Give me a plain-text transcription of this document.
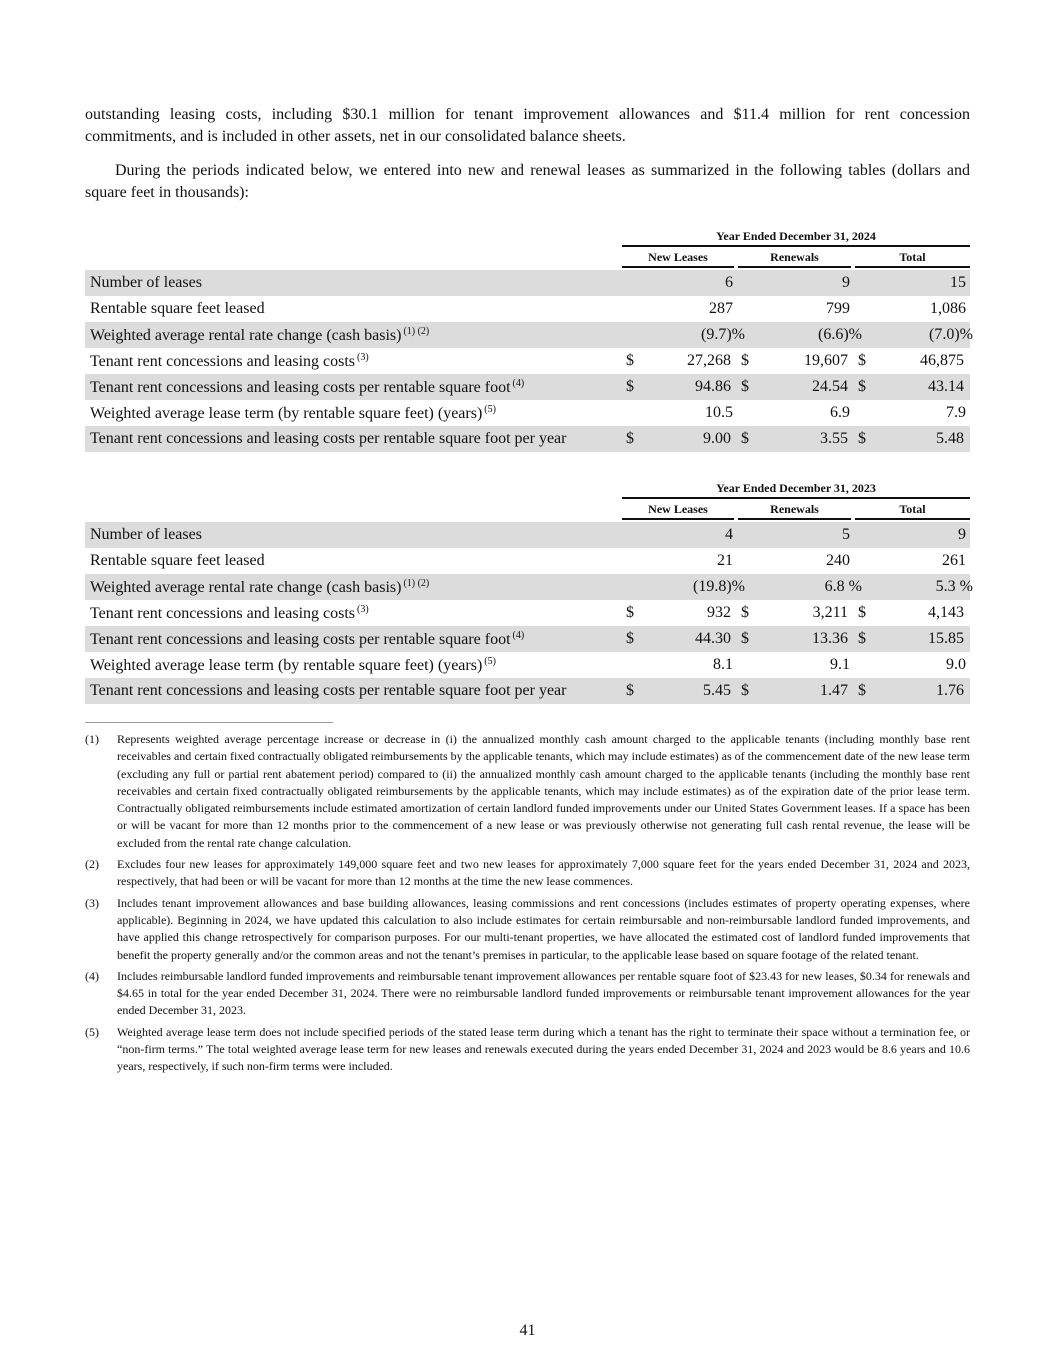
outstanding leasing costs, including $30.1 million for tenant improvement allowances and $11.4 million for rent concession commitments, and is included in other assets, net in our consolidated balance sheets.

During the periods indicated below, we entered into new and renewal leases as summarized in the following tables (dollars and square feet in thousands):

Year Ended December 31, 2024
New Leases	Renewals	Total
Number of leases	6	9	15
Rentable square feet leased	287	799	1,086
Weighted average rental rate change (cash basis) $^{(1) (2)}$	(9.7)%	(6.6)%	(7.0)%
Tenant rent concessions and leasing costs $^{(3)}$	$	27,268 $	19,607 $	46,875
Tenant rent concessions and leasing costs per rentable square foot $^{(4)}$	$	94.86 $	24.54 $	43.14
Weighted average lease term (by rentable square feet) (years) $^{(5)}$	10.5	6.9	7.9
Tenant rent concessions and leasing costs per rentable square foot per year	$	9.00 $	3.55 $	5.48
Year Ended December 31, 2023
New Leases	Renewals	Total
Number of leases	4	5	9
Rentable square feet leased	21	240	261
Weighted average rental rate change (cash basis) $^{(1) (2)}$	(19.8)%	6.8 %	5.3 %
Tenant rent concessions and leasing costs $^{(3)}$	$	932 $	3,211 $	4,143
Tenant rent concessions and leasing costs per rentable square foot $^{(4)}$	$	44.30 $	13.36 $	15.85
Weighted average lease term (by rentable square feet) (years) $^{(5)}$	8.1	9.1	9.0
Tenant rent concessions and leasing costs per rentable square foot per year	$	5.45 $	1.47 $	1.76
(1)	Represents weighted average percentage increase or decrease in (i) the annualized monthly cash amount charged to the applicable tenants (including monthly base rent receivables and certain fixed contractually obligated reimbursements by the applicable tenants, which may include estimates) as of the commencement date of the new lease term (excluding any full or partial rent abatement period) compared to (ii) the annualized monthly cash amount charged to the applicable tenants (including the monthly base rent receivables and certain fixed contractually obligated reimbursements by the applicable tenants, which may include estimates) as of the expiration date of the prior lease term. Contractually obligated reimbursements include estimated amortization of certain landlord funded improvements under our United States Government leases. If a space has been or will be vacant for more than 12 months prior to the commencement of a new lease or was previously otherwise not generating full cash rental revenue, the lease will be excluded from the rental rate change calculation.
(2)	Excludes four new leases for approximately 149,000 square feet and two new leases for approximately 7,000 square feet for the years ended December 31, 2024 and 2023, respectively, that had been or will be vacant for more than 12 months at the time the new lease commences.
(3)	Includes tenant improvement allowances and base building allowances, leasing commissions and rent concessions (includes estimates of property operating expenses, where applicable). Beginning in 2024, we have updated this calculation to also include estimates for certain reimbursable and non-reimbursable landlord funded improvements, and have applied this change retrospectively for comparison purposes. For our multi-tenant properties, we have allocated the estimated cost of landlord funded improvements that benefit the property generally and/or the common areas and not the tenant’s premises in particular, to the applicable lease based on square footage of the related tenant.
(4)	Includes reimbursable landlord funded improvements and reimbursable tenant improvement allowances per rentable square foot of $23.43 for new leases, $0.34 for renewals and $4.65 in total for the year ended December 31, 2024. There were no reimbursable landlord funded improvements or reimbursable tenant improvement allowances for the year ended December 31, 2023.
(5)	Weighted average lease term does not include specified periods of the stated lease term during which a tenant has the right to terminate their space without a termination fee, or “non-firm terms.” The total weighted average lease term for new leases and renewals executed during the years ended December 31, 2024 and 2023 would be 8.6 years and 10.6 years, respectively, if such non-firm terms were included.
41
